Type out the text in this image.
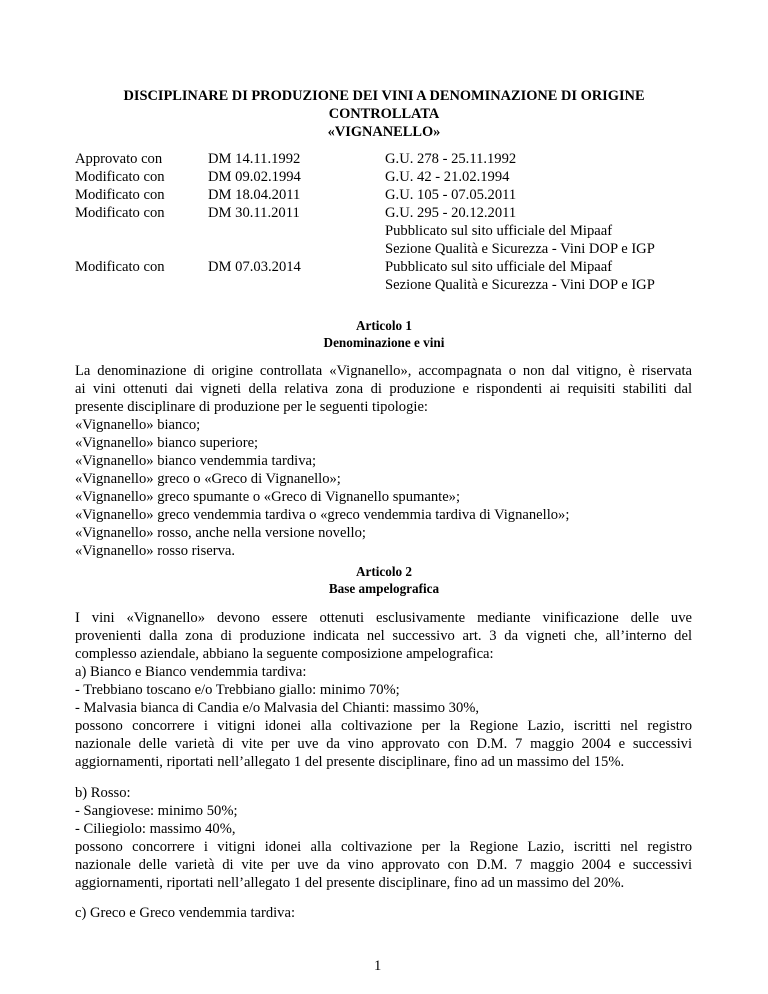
DISCIPLINARE DI PRODUZIONE DEI VINI A DENOMINAZIONE DI ORIGINE
CONTROLLATA
«VIGNANELLO»
Approvato con
Modificato con
Modificato con
Modificato con
Modificato con
DM 14.11.1992
DM 09.02.1994
DM 18.04.2011
DM 30.11.2011
DM 07.03.2014
G.U. 278 - 25.11.1992
G.U. 42 - 21.02.1994
G.U. 105 - 07.05.2011
G.U. 295 - 20.12.2011
Pubblicato sul sito ufficiale del Mipaaf
Sezione Qualità e Sicurezza - Vini DOP e IGP
Pubblicato sul sito ufficiale del Mipaaf
Sezione Qualità e Sicurezza - Vini DOP e IGP
Articolo 1
Denominazione e vini
La denominazione di origine controllata «Vignanello», accompagnata o non dal vitigno, è riservata
ai vini ottenuti dai vigneti della relativa zona di produzione e rispondenti ai requisiti stabiliti dal
presente disciplinare di produzione per le seguenti tipologie:
«Vignanello» bianco;
«Vignanello» bianco superiore;
«Vignanello» bianco vendemmia tardiva;
«Vignanello» greco o «Greco di Vignanello»;
«Vignanello» greco spumante o «Greco di Vignanello spumante»;
«Vignanello» greco vendemmia tardiva o «greco vendemmia tardiva di Vignanello»;
«Vignanello» rosso, anche nella versione novello;
«Vignanello» rosso riserva.
Articolo 2
Base ampelografica
I vini «Vignanello» devono essere ottenuti esclusivamente mediante vinificazione delle uve
provenienti dalla zona di produzione indicata nel successivo art. 3 da vigneti che, all’interno del
complesso aziendale, abbiano la seguente composizione ampelografica:
a) Bianco e Bianco vendemmia tardiva:
- Trebbiano toscano e/o Trebbiano giallo: minimo 70%;
- Malvasia bianca di Candia e/o Malvasia del Chianti: massimo 30%,
possono concorrere i vitigni idonei alla coltivazione per la Regione Lazio, iscritti nel registro
nazionale delle varietà di vite per uve da vino approvato con D.M. 7 maggio 2004 e successivi
aggiornamenti, riportati nell’allegato 1 del presente disciplinare, fino ad un massimo del 15%.
b) Rosso:
- Sangiovese: minimo 50%;
- Ciliegiolo: massimo 40%,
possono concorrere i vitigni idonei alla coltivazione per la Regione Lazio, iscritti nel registro
nazionale delle varietà di vite per uve da vino approvato con D.M. 7 maggio 2004 e successivi
aggiornamenti, riportati nell’allegato 1 del presente disciplinare, fino ad un massimo del 20%.
c) Greco e Greco vendemmia tardiva:
1
